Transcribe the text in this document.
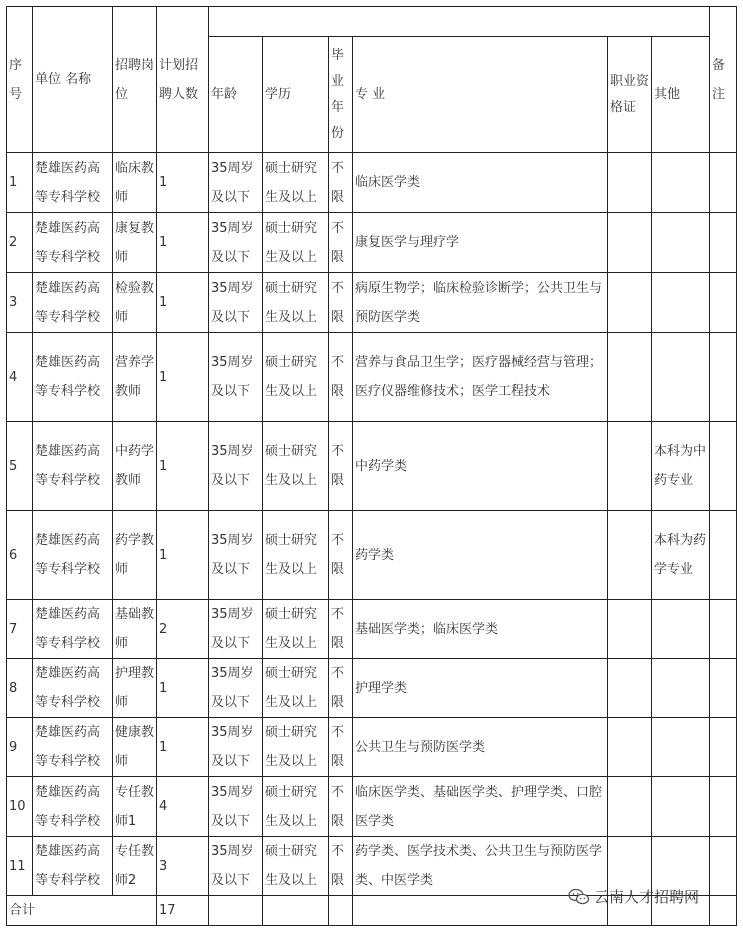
序号	单位 名称	招聘岗位	计划招聘人数							备注
				年龄	学历	毕业年份	专 业	职业资格证	其他	
1	楚雄医药高等专科学校	临床教师	1	35周岁及以下	硕士研究生及以上	不限	临床医学类			
2	楚雄医药高等专科学校	康复教师	1	35周岁及以下	硕士研究生及以上	不限	康复医学与理疗学			
3	楚雄医药高等专科学校	检验教师	1	35周岁及以下	硕士研究生及以上	不限	病原生物学；临床检验诊断学；公共卫生与预防医学类			
4	楚雄医药高等专科学校	营养学教师	1	35周岁及以下	硕士研究生及以上	不限	营养与食品卫生学；医疗器械经营与管理；医疗仪器维修技术；医学工程技术			
5	楚雄医药高等专科学校	中药学教师	1	35周岁及以下	硕士研究生及以上	不限	中药学类		本科为中药专业	
6	楚雄医药高等专科学校	药学教师	1	35周岁及以下	硕士研究生及以上	不限	药学类		本科为药学专业	
7	楚雄医药高等专科学校	基础教师	2	35周岁及以下	硕士研究生及以上	不限	基础医学类；临床医学类			
8	楚雄医药高等专科学校	护理教师	1	35周岁及以下	硕士研究生及以上	不限	护理学类			
9	楚雄医药高等专科学校	健康教师	1	35周岁及以下	硕士研究生及以上	不限	公共卫生与预防医学类			
10	楚雄医药高等专科学校	专任教师1	4	35周岁及以下	硕士研究生及以上	不限	临床医学类、基础医学类、护理学类、口腔医学类			
11	楚雄医药高等专科学校	专任教师2	3	35周岁及以下	硕士研究生及以上	不限	药学类、医学技术类、公共卫生与预防医学类、中医学类			
合计			17							
云南人才招聘网
